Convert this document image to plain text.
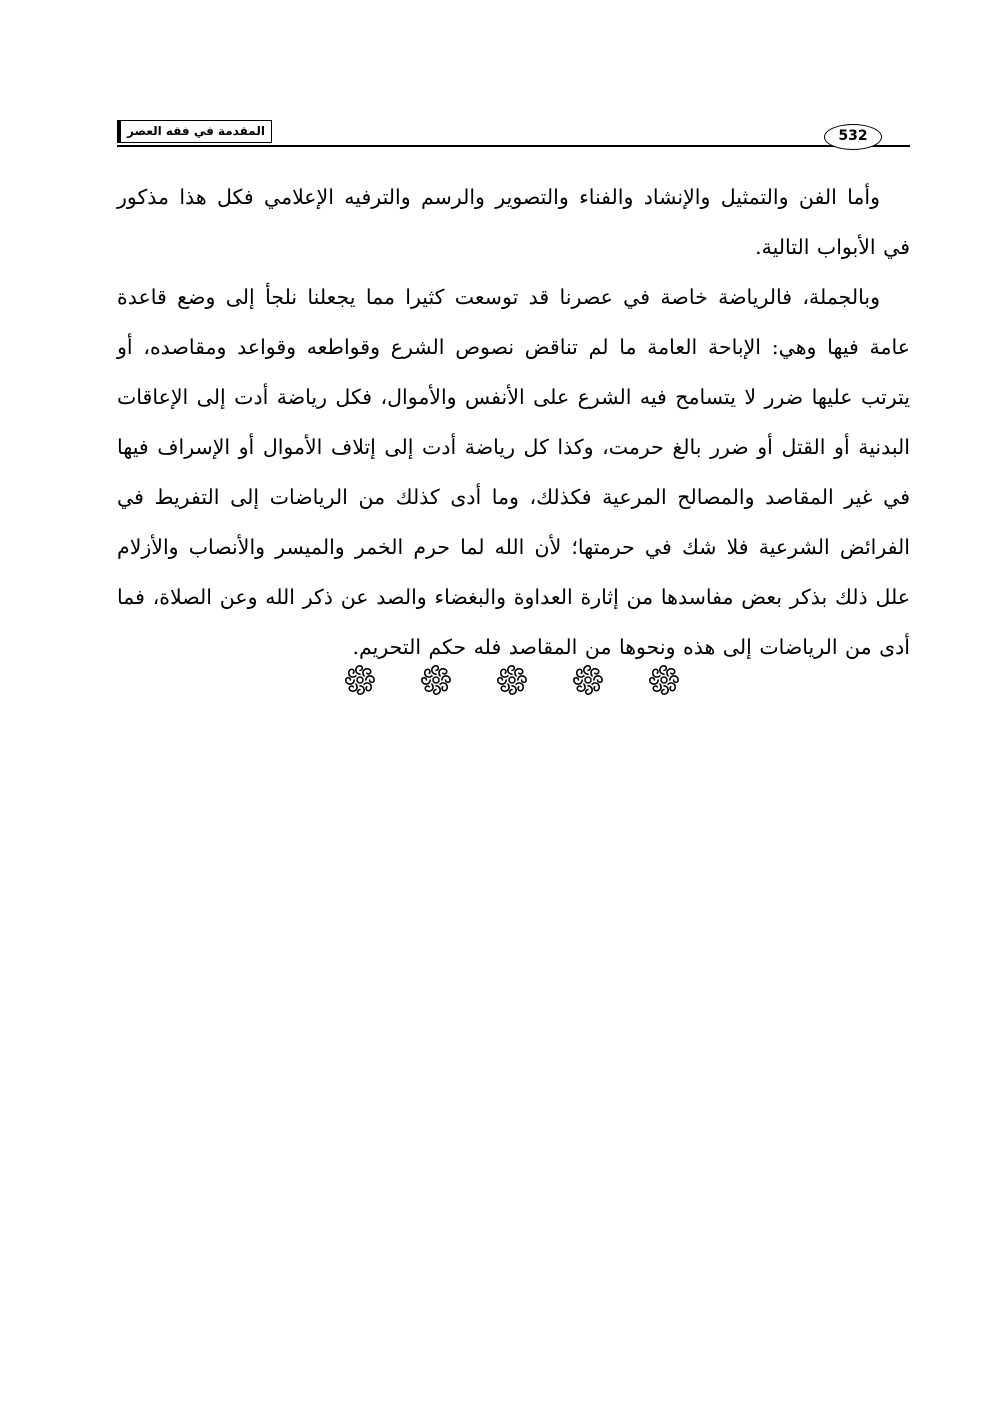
المقدمة في فقه العصر	532

وأما الفن والتمثيل والإنشاد والفناء والتصوير والرسم والترفيه الإعلامي فكل هذا مذكور في الأبواب التالية.

وبالجملة، فالرياضة خاصة في عصرنا قد توسعت كثيرا مما يجعلنا نلجأ إلى وضع قاعدة عامة فيها وهي: الإباحة العامة ما لم تناقض نصوص الشرع وقواطعه وقواعد ومقاصده، أو يترتب عليها ضرر لا يتسامح فيه الشرع على الأنفس والأموال، فكل رياضة أدت إلى الإعاقات البدنية أو القتل أو ضرر بالغ حرمت، وكذا كل رياضة أدت إلى إتلاف الأموال أو الإسراف فيها في غير المقاصد والمصالح المرعية فكذلك، وما أدى كذلك من الرياضات إلى التفريط في الفرائض الشرعية فلا شك في حرمتها؛ لأن الله لما حرم الخمر والميسر والأنصاب والأزلام علل ذلك بذكر بعض مفاسدها من إثارة العداوة والبغضاء والصد عن ذكر الله وعن الصلاة، فما أدى من الرياضات إلى هذه ونحوها من المقاصد فله حكم التحريم.
